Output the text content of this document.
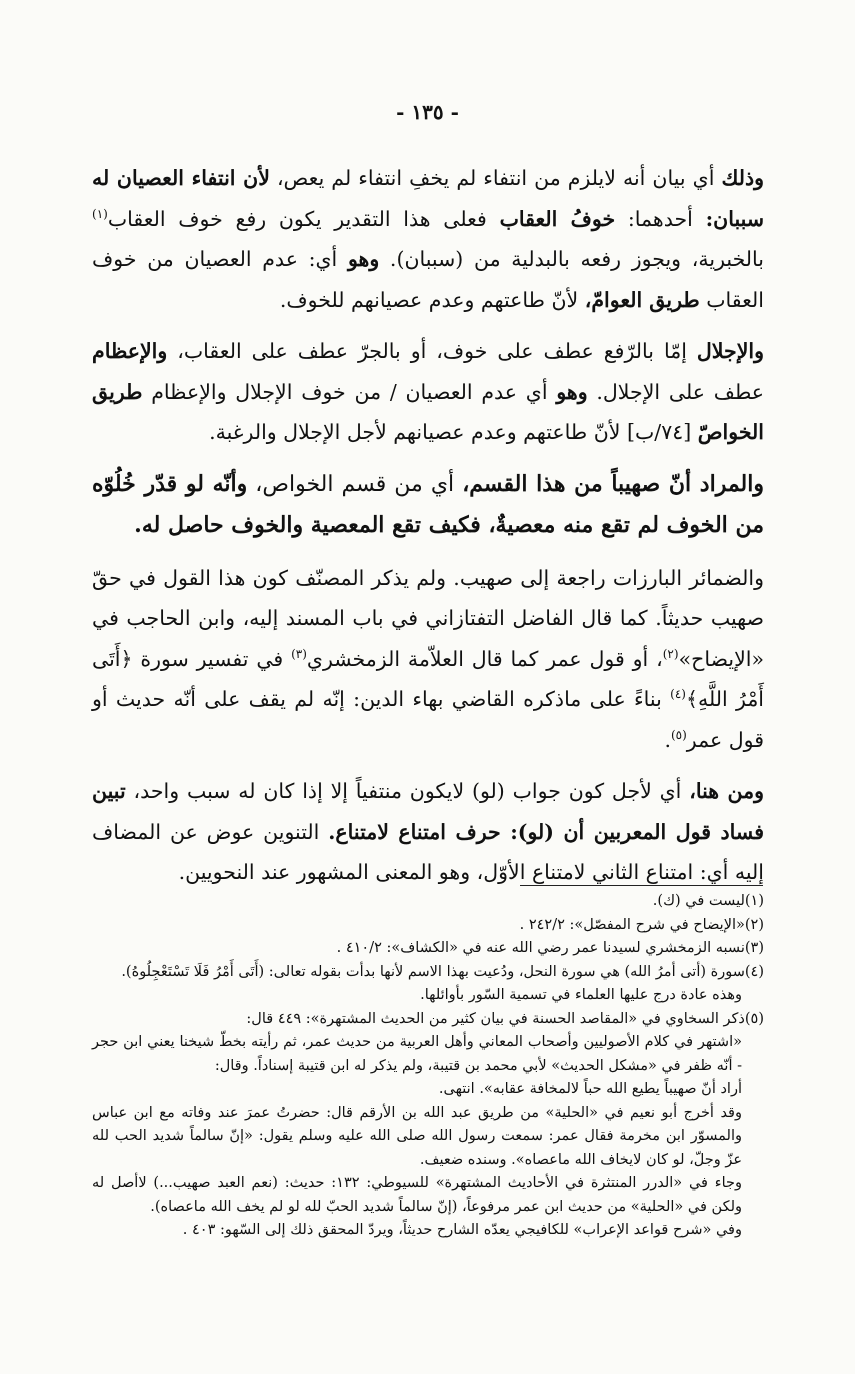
- ١٣٥ -

وذلك أي بيان أنه لايلزم من انتفاء لم يخفِ انتفاء لم يعص، لأن انتفاء العصيان له سببان: أحدهما: خوفُ العقاب فعلى هذا التقدير يكون رفع خوف العقاب$^{(١)}$ بالخبرية، ويجوز رفعه بالبدلية من (سببان). وهو أي: عدم العصيان من خوف العقاب طريق العوامّ، لأنّ طاعتهم وعدم عصيانهم للخوف.

والإجلال إمّا بالرّفع عطف على خوف، أو بالجرّ عطف على العقاب، والإعظام عطف على الإجلال. وهو أي عدم العصيان / من خوف الإجلال والإعظام طريق الخواصّ [٧٤/ب] لأنّ طاعتهم وعدم عصيانهم لأجل الإجلال والرغبة.

والمراد أنّ صهيباً من هذا القسم، أي من قسم الخواص، وأنّه لو قدّر خُلُوّه من الخوف لم تقع منه معصيةٌ، فكيف تقع المعصية والخوف حاصل له.

والضمائر البارزات راجعة إلى صهيب. ولم يذكر المصنّف كون هذا القول في حقّ صهيب حديثاً. كما قال الفاضل التفتازاني في باب المسند إليه، وابن الحاجب في «الإيضاح»$^{(٢)}$، أو قول عمر كما قال العلاّمة الزمخشري$^{(٣)}$ في تفسير سورة ﴿أَتَى أَمْرُ اللَّهِ﴾$^{(٤)}$ بناءً على ماذكره القاضي بهاء الدين: إنّه لم يقف على أنّه حديث أو قول عمر$^{(٥)}$.

ومن هنا، أي لأجل كون جواب (لو) لايكون منتفياً إلا إذا كان له سبب واحد، تبين فساد قول المعربين أن (لو): حرف امتناع لامتناع. التنوين عوض عن المضاف إليه أي: امتناع الثاني لامتناع الأوّل، وهو المعنى المشهور عند النحويين.

(١)ليست في (ك).

(٢)«الإيضاح في شرح المفصّل»: ٢٤٢/٢ .

(٣)نسبه الزمخشري لسيدنا عمر رضي الله عنه في «الكشاف»: ٤١٠/٢ .

(٤)سورة (أتى أمرُ الله) هي سورة النحل، ودُعيت بهذا الاسم لأنها بدأت بقوله تعالى: (أَتَى أَمْرُ فَلَا تَسْتَعْجِلُوهُ).

وهذه عادة درج عليها العلماء في تسمية السّور بأوائلها.

(٥)ذكر السخاوي في «المقاصد الحسنة في بيان كثير من الحديث المشتهرة»: ٤٤٩ قال:

«اشتهر في كلام الأصوليين وأصحاب المعاني وأهل العربية من حديث عمر، ثم رأيته بخطّ شيخنا يعني ابن حجر - أنّه ظفر في «مشكل الحديث» لأبي محمد بن قتيبة، ولم يذكر له ابن قتيبة إسناداً. وقال:

أراد أنّ صهيباً يطيع الله حباً لالمخافة عقابه». انتهى.

وقد أخرج أبو نعيم في «الحلية» من طريق عبد الله بن الأرقم قال: حضرتُ عمرَ عند وفاته مع ابن عباس والمسوّر ابن مخرمة فقال عمر: سمعت رسول الله صلى الله عليه وسلم يقول: «إنّ سالماً شديد الحب لله عزّ وجلّ، لو كان لايخاف الله ماعصاه». وسنده ضعيف.

وجاء في «الدرر المنتثرة في الأحاديث المشتهرة» للسيوطي: ١٣٢: حديث: (نعم العبد صهيب...) لاأصل له ولكن في «الحلية» من حديث ابن عمر مرفوعاً، (إنّ سالماً شديد الحبّ لله لو لم يخف الله ماعصاه).

وفي «شرح قواعد الإعراب» للكافيجي يعدّه الشارح حديثاً، ويردّ المحقق ذلك إلى السّهو: ٤٠٣ .
